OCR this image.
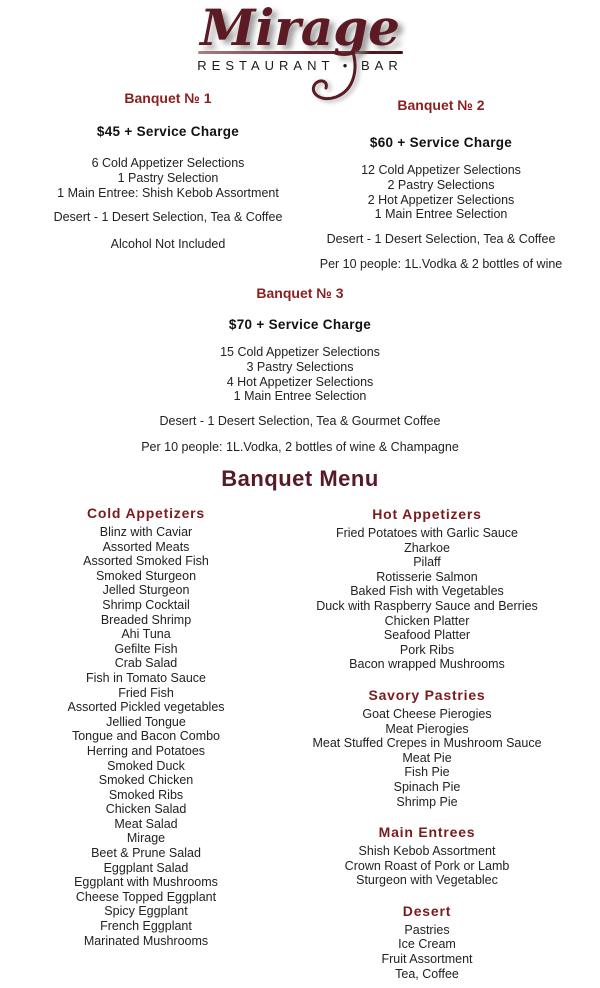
Mirage
RESTAURANT • BAR
Banquet № 1
$45 + Service Charge
6 Cold Appetizer Selections
1 Pastry Selection
1 Main Entree: Shish Kebob Assortment
Desert - 1 Desert Selection, Tea & Coffee
Alcohol Not Included
Banquet № 2
$60 + Service Charge
12 Cold Appetizer Selections
2 Pastry Selections
2 Hot Appetizer Selections
1 Main Entree Selection
Desert - 1 Desert Selection, Tea & Coffee
Per 10 people: 1L.Vodka & 2 bottles of wine
Banquet № 3
$70 + Service Charge
15 Cold Appetizer Selections
3 Pastry Selections
4 Hot Appetizer Selections
1 Main Entree Selection
Desert - 1 Desert Selection, Tea & Gourmet Coffee
Per 10 people: 1L.Vodka, 2 bottles of wine & Champagne
Banquet Menu
Cold Appetizers
Blinz with Caviar
Assorted Meats
Assorted Smoked Fish
Smoked Sturgeon
Jelled Sturgeon
Shrimp Cocktail
Breaded Shrimp
Ahi Tuna
Gefilte Fish
Crab Salad
Fish in Tomato Sauce
Fried Fish
Assorted Pickled vegetables
Jellied Tongue
Tongue and Bacon Combo
Herring and Potatoes
Smoked Duck
Smoked Chicken
Smoked Ribs
Chicken Salad
Meat Salad
Mirage
Beet & Prune Salad
Eggplant Salad
Eggplant with Mushrooms
Cheese Topped Eggplant
Spicy Eggplant
French Eggplant
Marinated Mushrooms
Hot Appetizers
Fried Potatoes with Garlic Sauce
Zharkoe
Pilaff
Rotisserie Salmon
Baked Fish with Vegetables
Duck with Raspberry Sauce and Berries
Chicken Platter
Seafood Platter
Pork Ribs
Bacon wrapped Mushrooms
Savory Pastries
Goat Cheese Pierogies
Meat Pierogies
Meat Stuffed Crepes in Mushroom Sauce
Meat Pie
Fish Pie
Spinach Pie
Shrimp Pie
Main Entrees
Shish Kebob Assortment
Crown Roast of Pork or Lamb
Sturgeon with Vegetablec
Desert
Pastries
Ice Cream
Fruit Assortment
Tea, Coffee
